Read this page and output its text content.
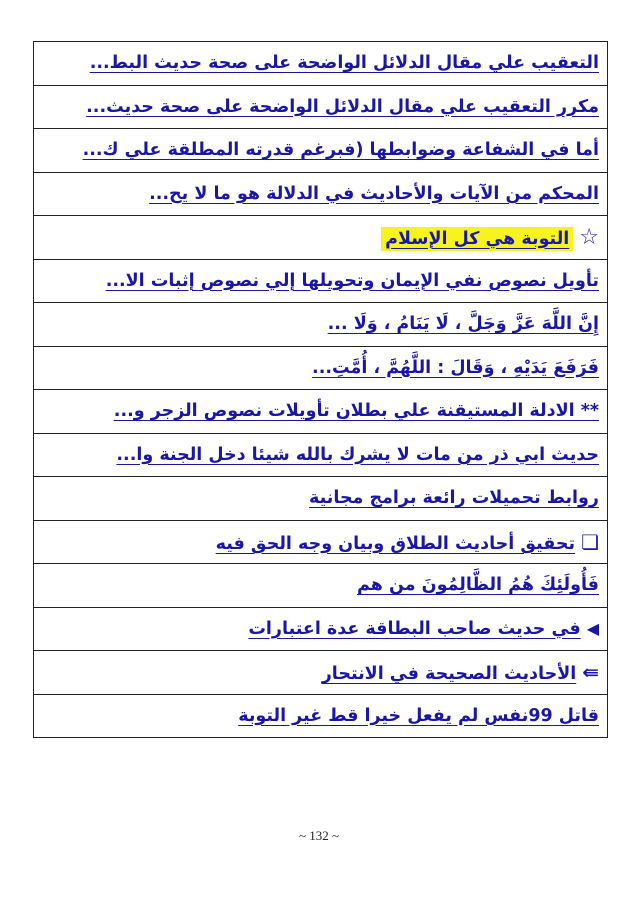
التعقيب علي مقال الدلائل الواضحة على صحة حديث البط...
مكرر التعقيب علي مقال الدلائل الواضحة على صحة حديث...
أما في الشفاعة وضوابطها (فبرغم قدرته المطلقة علي ك...
المحكم من الآيات والأحاديث في الدلالة هو ما لا يح...
☆التوبة هي كل الإسلام
تأويل نصوص نفي الإيمان وتحويلها إلي نصوص إثبات الا...
إِنَّ اللَّهَ عَزَّ وَجَلَّ ، لَا يَنَامُ ، وَلَا ...
فَرَفَعَ يَدَيْهِ ، وَقَالَ : اللَّهُمَّ ، أُمَّتِ...
** الادلة المستيقنة علي بطلان تأويلات نصوص الزجر و...
حديث ابي ذر من مات لا يشرك بالله شيئا دخل الجنة وا...
روابط تحميلات رائعة برامج مجانية
❏تحقيق أحاديث الطلاق وبيان وجه الحق فيه
فَأُولَئِكَ هُمُ الظَّالِمُونَ من هم
◀في حديث صاحب البطاقة عدة اعتبارات
⇚الأحاديث الصحيحة في الانتحار
قاتل 99نفس لم يفعل خيرا قط غير التوبة
~ 132 ~
